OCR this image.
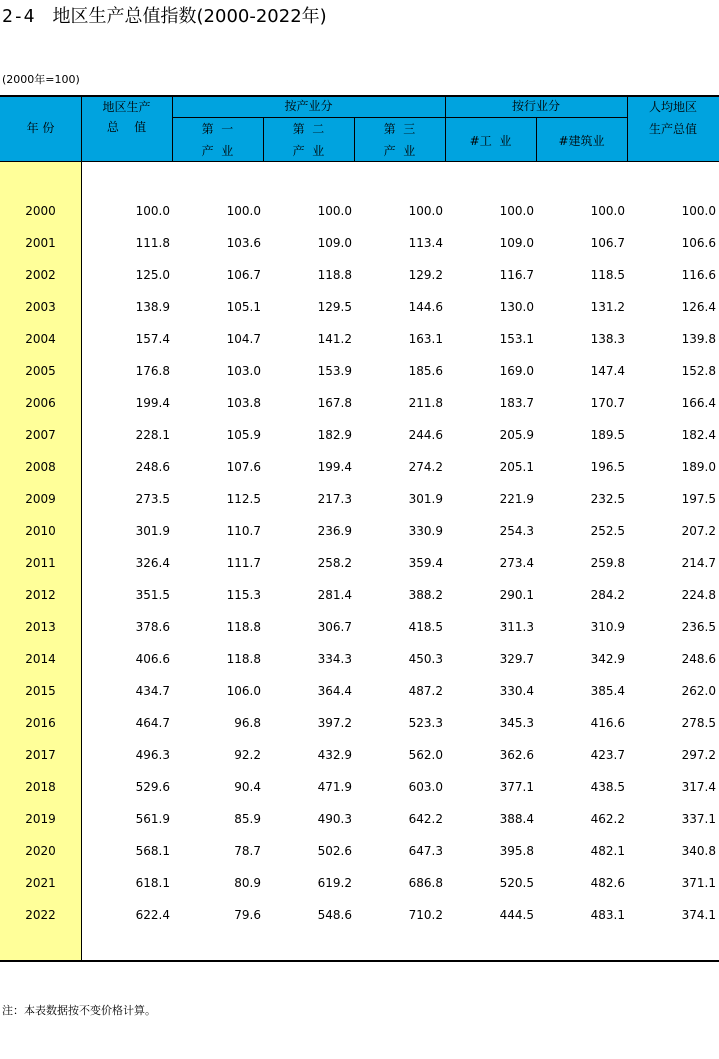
2-4 地区生产总值指数(2000-2022年)
(2000年=100)
年 份
地区生产
总    值
按产业分
第  一
产  业
第  二
产  业
第  三
产  业
按行业分
#工  业	#建筑业
人均地区
生产总值
2000	100.0	100.0	100.0	100.0	100.0	100.0	100.0
2001	111.8	103.6	109.0	113.4	109.0	106.7	106.6
2002	125.0	106.7	118.8	129.2	116.7	118.5	116.6
2003	138.9	105.1	129.5	144.6	130.0	131.2	126.4
2004	157.4	104.7	141.2	163.1	153.1	138.3	139.8
2005	176.8	103.0	153.9	185.6	169.0	147.4	152.8
2006	199.4	103.8	167.8	211.8	183.7	170.7	166.4
2007	228.1	105.9	182.9	244.6	205.9	189.5	182.4
2008	248.6	107.6	199.4	274.2	205.1	196.5	189.0
2009	273.5	112.5	217.3	301.9	221.9	232.5	197.5
2010	301.9	110.7	236.9	330.9	254.3	252.5	207.2
2011	326.4	111.7	258.2	359.4	273.4	259.8	214.7
2012	351.5	115.3	281.4	388.2	290.1	284.2	224.8
2013	378.6	118.8	306.7	418.5	311.3	310.9	236.5
2014	406.6	118.8	334.3	450.3	329.7	342.9	248.6
2015	434.7	106.0	364.4	487.2	330.4	385.4	262.0
2016	464.7	96.8	397.2	523.3	345.3	416.6	278.5
2017	496.3	92.2	432.9	562.0	362.6	423.7	297.2
2018	529.6	90.4	471.9	603.0	377.1	438.5	317.4
2019	561.9	85.9	490.3	642.2	388.4	462.2	337.1
2020	568.1	78.7	502.6	647.3	395.8	482.1	340.8
2021	618.1	80.9	619.2	686.8	520.5	482.6	371.1
2022	622.4	79.6	548.6	710.2	444.5	483.1	374.1
注：本表数据按不变价格计算。
